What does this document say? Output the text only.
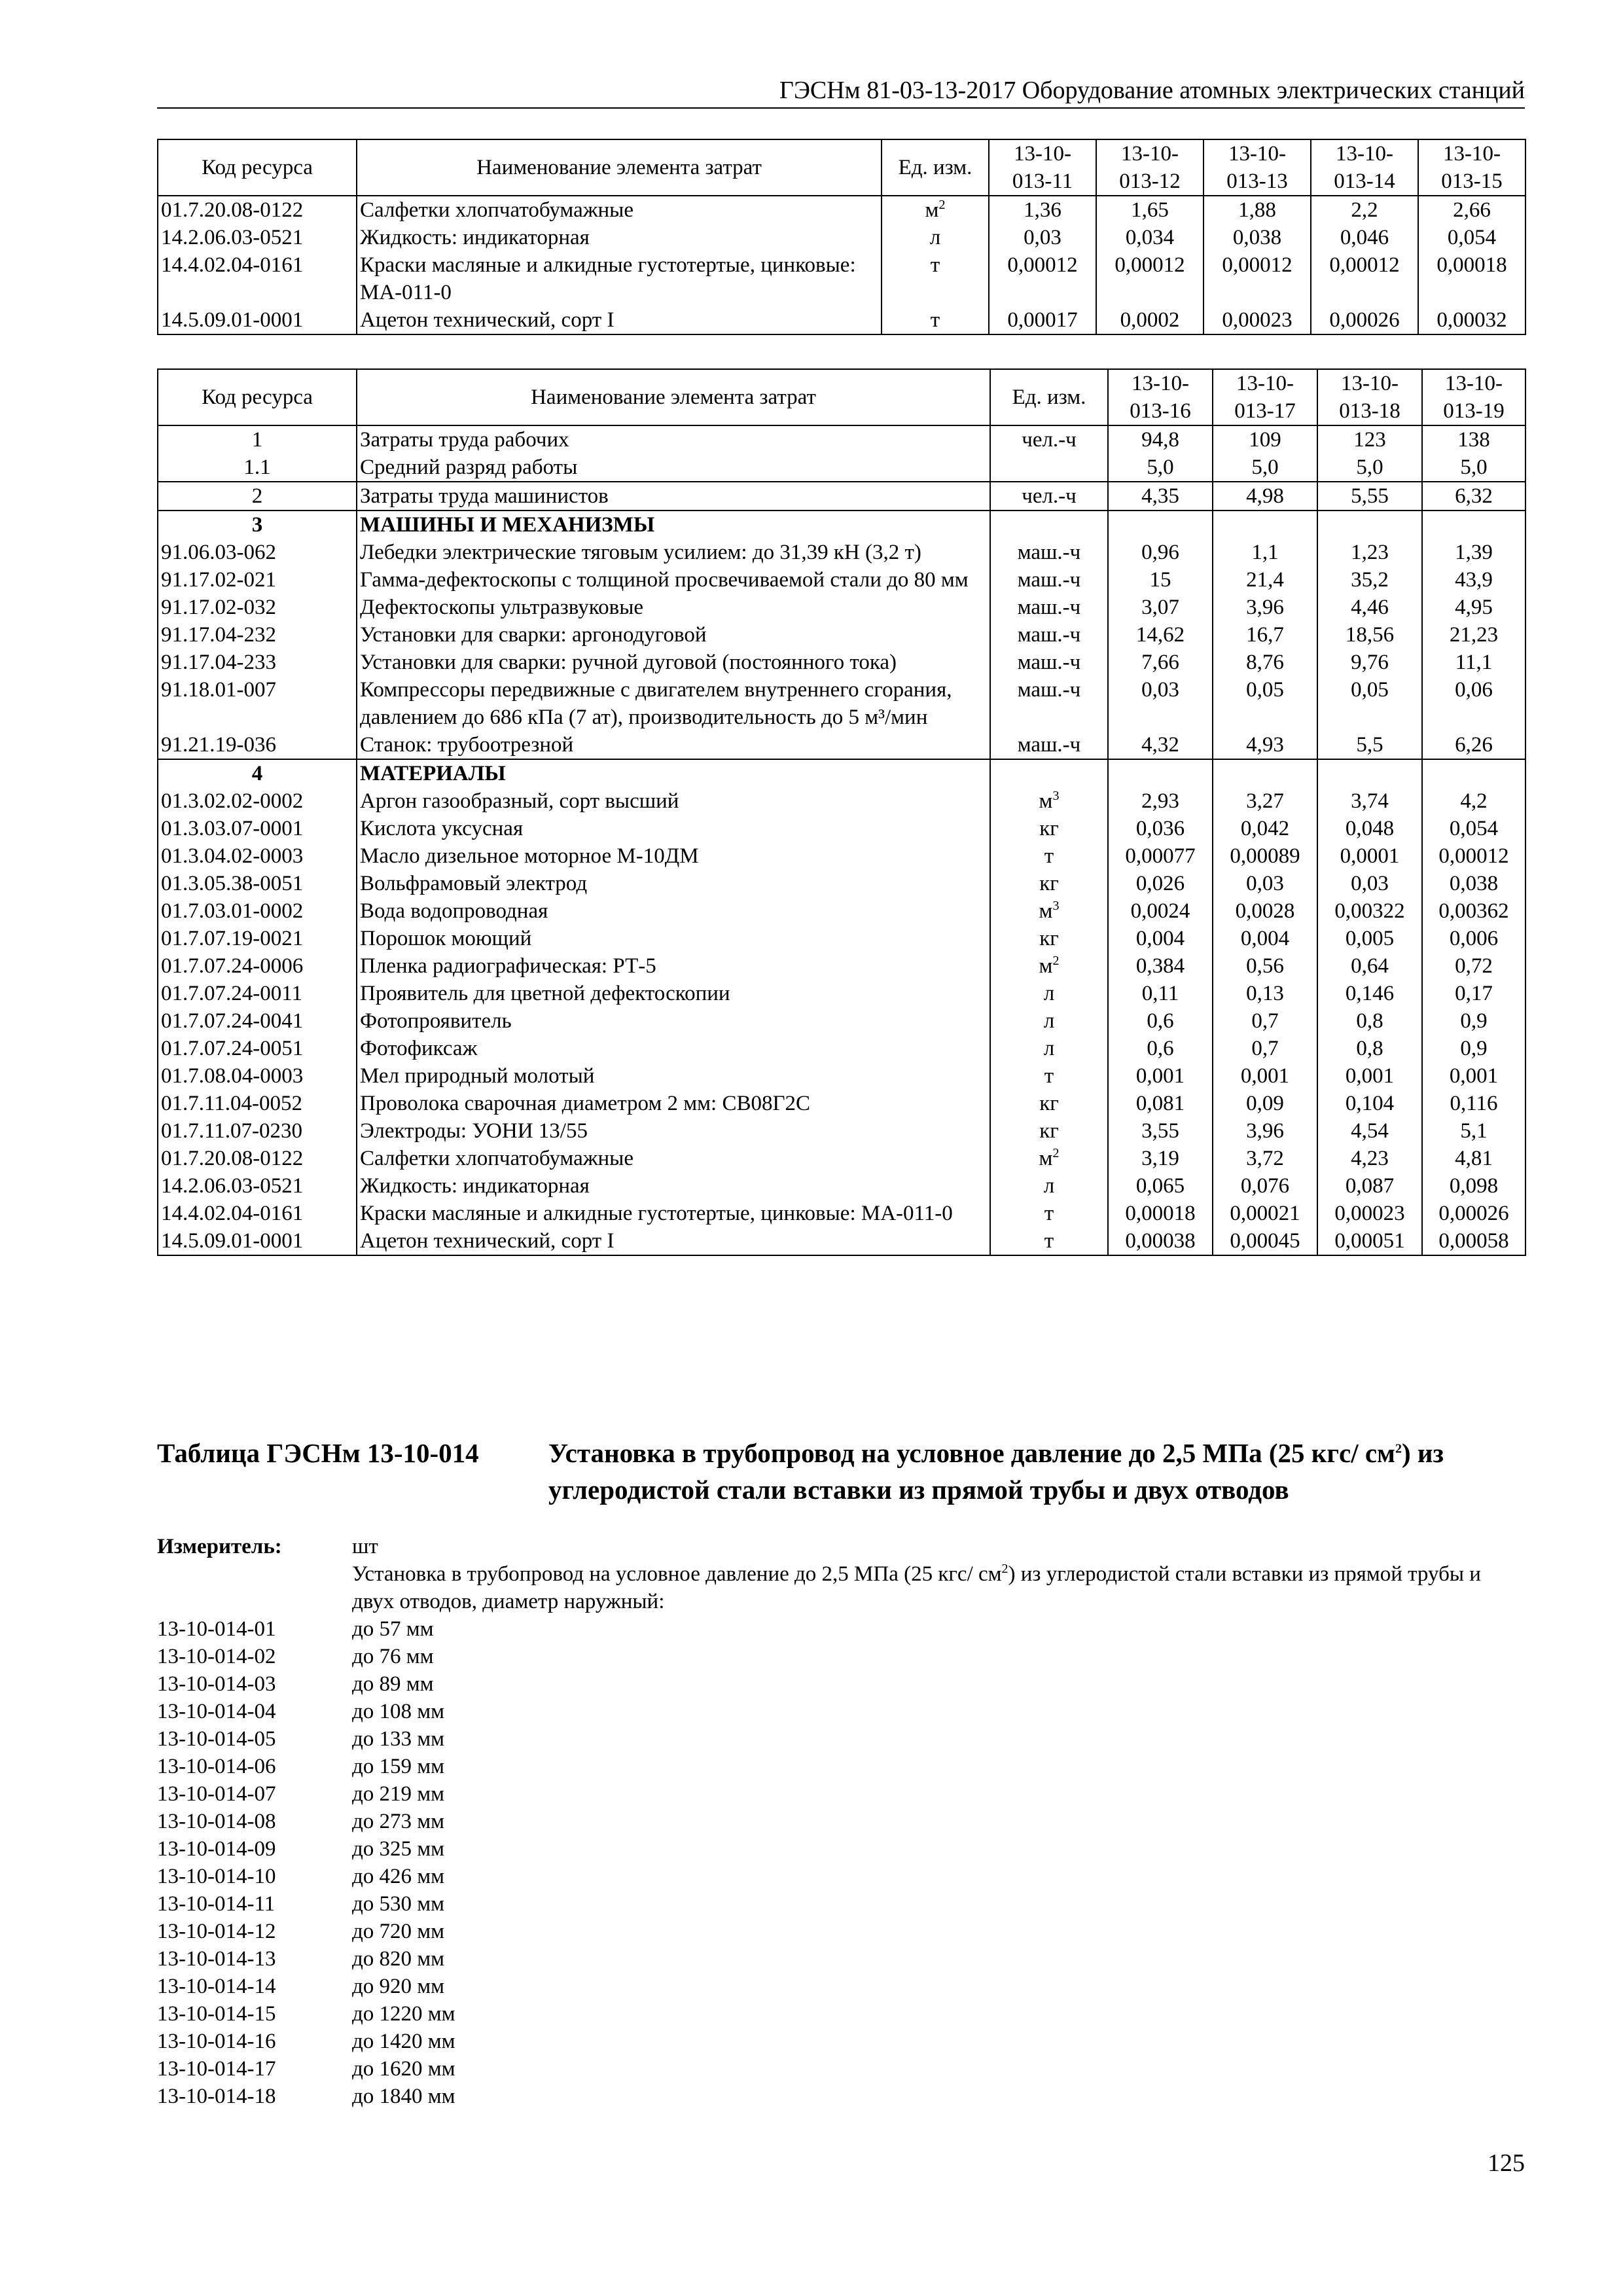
ГЭСНм 81-03-13-2017 Оборудование атомных электрических станций
Код ресурса	Наименование элемента затрат	Ед. изм.	13-10- 013-11	13-10- 013-12	13-10- 013-13	13-10- 013-14	13-10- 013-15
01.7.20.08-0122	Салфетки хлопчатобумажные	$м^2$	1,36	1,65	1,88	2,2	2,66
14.2.06.03-0521	Жидкость: индикаторная	л	0,03	0,034	0,038	0,046	0,054
14.4.02.04-0161	Краски масляные и алкидные густотертые, цинковые: МА-011-0	т	0,00012	0,00012	0,00012	0,00012	0,00018
14.5.09.01-0001	Ацетон технический, сорт I	т	0,00017	0,0002	0,00023	0,00026	0,00032
Код ресурса	Наименование элемента затрат	Ед. изм.	13-10- 013-16	13-10- 013-17	13-10- 013-18	13-10- 013-19
1	Затраты труда рабочих	чел.-ч	94,8	109	123	138
1.1	Средний разряд работы		5,0	5,0	5,0	5,0
2	Затраты труда машинистов	чел.-ч	4,35	4,98	5,55	6,32
3	МАШИНЫ И МЕХАНИЗМЫ					
91.06.03-062	Лебедки электрические тяговым усилием: до 31,39 кН (3,2 т)	маш.-ч	0,96	1,1	1,23	1,39
91.17.02-021	Гамма-дефектоскопы с толщиной просвечиваемой стали до 80 мм	маш.-ч	15	21,4	35,2	43,9
91.17.02-032	Дефектоскопы ультразвуковые	маш.-ч	3,07	3,96	4,46	4,95
91.17.04-232	Установки для сварки: аргонодуговой	маш.-ч	14,62	16,7	18,56	21,23
91.17.04-233	Установки для сварки: ручной дуговой (постоянного тока)	маш.-ч	7,66	8,76	9,76	11,1
91.18.01-007	Компрессоры передвижные с двигателем внутреннего сгорания, давлением до 686 кПа (7 ат), производительность до 5 м³/мин	маш.-ч	0,03	0,05	0,05	0,06
91.21.19-036	Станок: трубоотрезной	маш.-ч	4,32	4,93	5,5	6,26
4	МАТЕРИАЛЫ					
01.3.02.02-0002	Аргон газообразный, сорт высший	$м^3$	2,93	3,27	3,74	4,2
01.3.03.07-0001	Кислота уксусная	кг	0,036	0,042	0,048	0,054
01.3.04.02-0003	Масло дизельное моторное М-10ДМ	т	0,00077	0,00089	0,0001	0,00012
01.3.05.38-0051	Вольфрамовый электрод	кг	0,026	0,03	0,03	0,038
01.7.03.01-0002	Вода водопроводная	$м^3$	0,0024	0,0028	0,00322	0,00362
01.7.07.19-0021	Порошок моющий	кг	0,004	0,004	0,005	0,006
01.7.07.24-0006	Пленка радиографическая: РТ-5	$м^2$	0,384	0,56	0,64	0,72
01.7.07.24-0011	Проявитель для цветной дефектоскопии	л	0,11	0,13	0,146	0,17
01.7.07.24-0041	Фотопроявитель	л	0,6	0,7	0,8	0,9
01.7.07.24-0051	Фотофиксаж	л	0,6	0,7	0,8	0,9
01.7.08.04-0003	Мел природный молотый	т	0,001	0,001	0,001	0,001
01.7.11.04-0052	Проволока сварочная диаметром 2 мм: СВ08Г2С	кг	0,081	0,09	0,104	0,116
01.7.11.07-0230	Электроды: УОНИ 13/55	кг	3,55	3,96	4,54	5,1
01.7.20.08-0122	Салфетки хлопчатобумажные	$м^2$	3,19	3,72	4,23	4,81
14.2.06.03-0521	Жидкость: индикаторная	л	0,065	0,076	0,087	0,098
14.4.02.04-0161	Краски масляные и алкидные густотертые, цинковые: МА-011-0	т	0,00018	0,00021	0,00023	0,00026
14.5.09.01-0001	Ацетон технический, сорт I	т	0,00038	0,00045	0,00051	0,00058
Таблица ГЭСНм 13-10-014	Установка в трубопровод на условное давление до 2,5 МПа (25 кгс/ $см^2$) из углеродистой стали вставки из прямой трубы и двух отводов
Измеритель:	шт
Установка в трубопровод на условное давление до 2,5 МПа (25 кгс/ $см^2$) из углеродистой стали вставки из прямой трубы и двух отводов, диаметр наружный:
13-10-014-01	до 57 мм
13-10-014-02	до 76 мм
13-10-014-03	до 89 мм
13-10-014-04	до 108 мм
13-10-014-05	до 133 мм
13-10-014-06	до 159 мм
13-10-014-07	до 219 мм
13-10-014-08	до 273 мм
13-10-014-09	до 325 мм
13-10-014-10	до 426 мм
13-10-014-11	до 530 мм
13-10-014-12	до 720 мм
13-10-014-13	до 820 мм
13-10-014-14	до 920 мм
13-10-014-15	до 1220 мм
13-10-014-16	до 1420 мм
13-10-014-17	до 1620 мм
13-10-014-18	до 1840 мм
125
